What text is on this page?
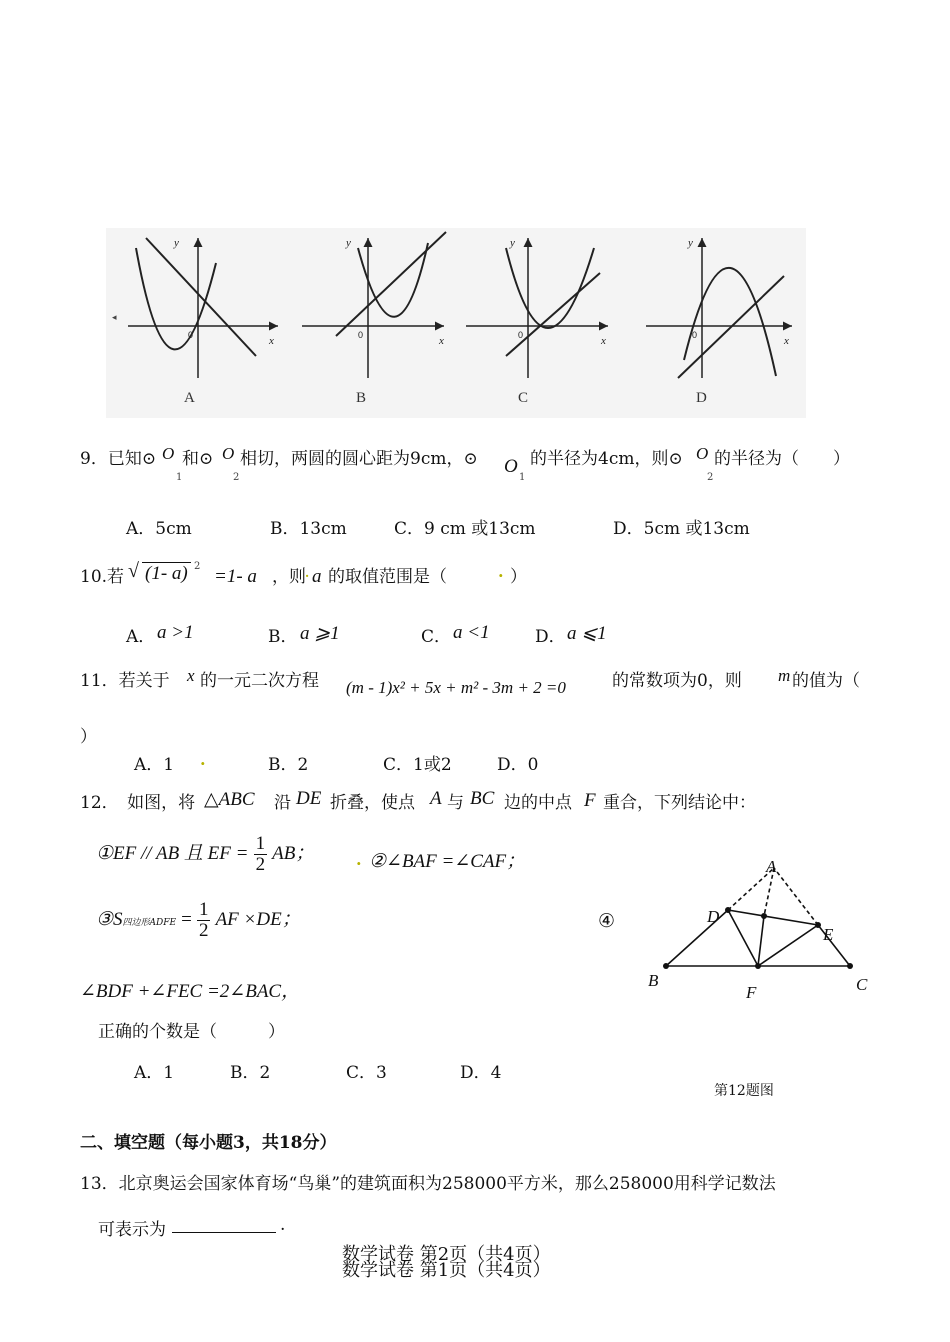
◂
y
x
y
x
y
x
y
x
0	0	0	0
A	B	C	D
9．已知⊙ O
1
和⊙ O
2
相切，两圆的圆心距为9cm，⊙ O
1
的半径为4cm，则⊙ O
2
的半径为（　　）
A．5cm	B．13cm	C．9 cm 或13cm	D．5cm 或13cm
10.若 √ (1- a) 2 =1- a ，则 . a 的取值范围是（	. ）
A． a >1	B． a ⩾1	C． a <1	D． a ⩽1
11．若关于 x 的一元二次方程 (m - 1)x² + 5x + m² - 3m + 2 =0	的常数项为0，则 m 的值为（
）
A．1 .	B．2	C．1或2	D．0
12．　如图，将 △ABC 沿 DE 折叠，使点 A 与 BC 边的中点 F 重合，下列结论中：
①EF // AB 且 EF = $\frac{1}{2}$ AB；	. ②∠BAF =∠CAF；
③S四边形ADFE = $\frac{1}{2}$ AF ×DE；	④
∠BDF +∠FEC =2∠BAC，
正确的个数是（　　　）
A．1	B．2	C．3	D．4
A
B	C
D
E
F
第12题图
二、填空题（每小题3，共18分）
13．北京奥运会国家体育场“鸟巢”的建筑面积为258000平方米，那么258000用科学记数法
可表示为	.
数学试卷 第2页（共4页）
数学试卷 第1页（共4页）
